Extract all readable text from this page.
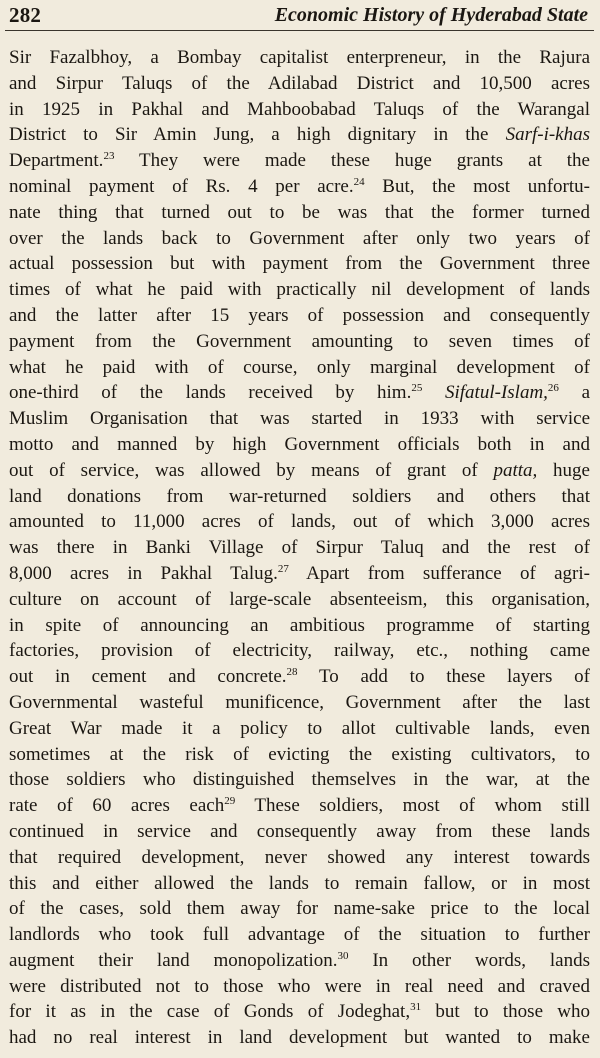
282	Economic History of Hyderabad State
Sir Fazalbhoy, a Bombay capitalist enterpreneur, in the Rajura
and Sirpur Taluqs of the Adilabad District and 10,500 acres
in 1925 in Pakhal and Mahboobabad Taluqs of the Warangal
District to Sir Amin Jung, a high dignitary in the Sarf-i-khas
Department.$^{23}$ They were made these huge grants at the
nominal payment of Rs. 4 per acre.$^{24}$ But, the most unfortu-
nate thing that turned out to be was that the former turned
over the lands back to Government after only two years of
actual possession but with payment from the Government three
times of what he paid with practically nil development of lands
and the latter after 15 years of possession and consequently
payment from the Government amounting to seven times of
what he paid with of course, only marginal development of
one-third of the lands received by him.$^{25}$ Sifatul-Islam,$^{26}$ a
Muslim Organisation that was started in 1933 with service
motto and manned by high Government officials both in and
out of service, was allowed by means of grant of patta, huge
land donations from war-returned soldiers and others that
amounted to 11,000 acres of lands, out of which 3,000 acres
was there in Banki Village of Sirpur Taluq and the rest of
8,000 acres in Pakhal Talug.$^{27}$ Apart from sufferance of agri-
culture on account of large-scale absenteeism, this organisation,
in spite of announcing an ambitious programme of starting
factories, provision of electricity, railway, etc., nothing came
out in cement and concrete.$^{28}$ To add to these layers of
Governmental wasteful munificence, Government after the last
Great War made it a policy to allot cultivable lands, even
sometimes at the risk of evicting the existing cultivators, to
those soldiers who distinguished themselves in the war, at the
rate of 60 acres each$^{29}$ These soldiers, most of whom still
continued in service and consequently away from these lands
that required development, never showed any interest towards
this and either allowed the lands to remain fallow, or in most
of the cases, sold them away for name-sake price to the local
landlords who took full advantage of the situation to further
augment their land monopolization.$^{30}$ In other words, lands
were distributed not to those who were in real need and craved
for it as in the case of Gonds of Jodeghat,$^{31}$ but to those who
had no real interest in land development but wanted to make
